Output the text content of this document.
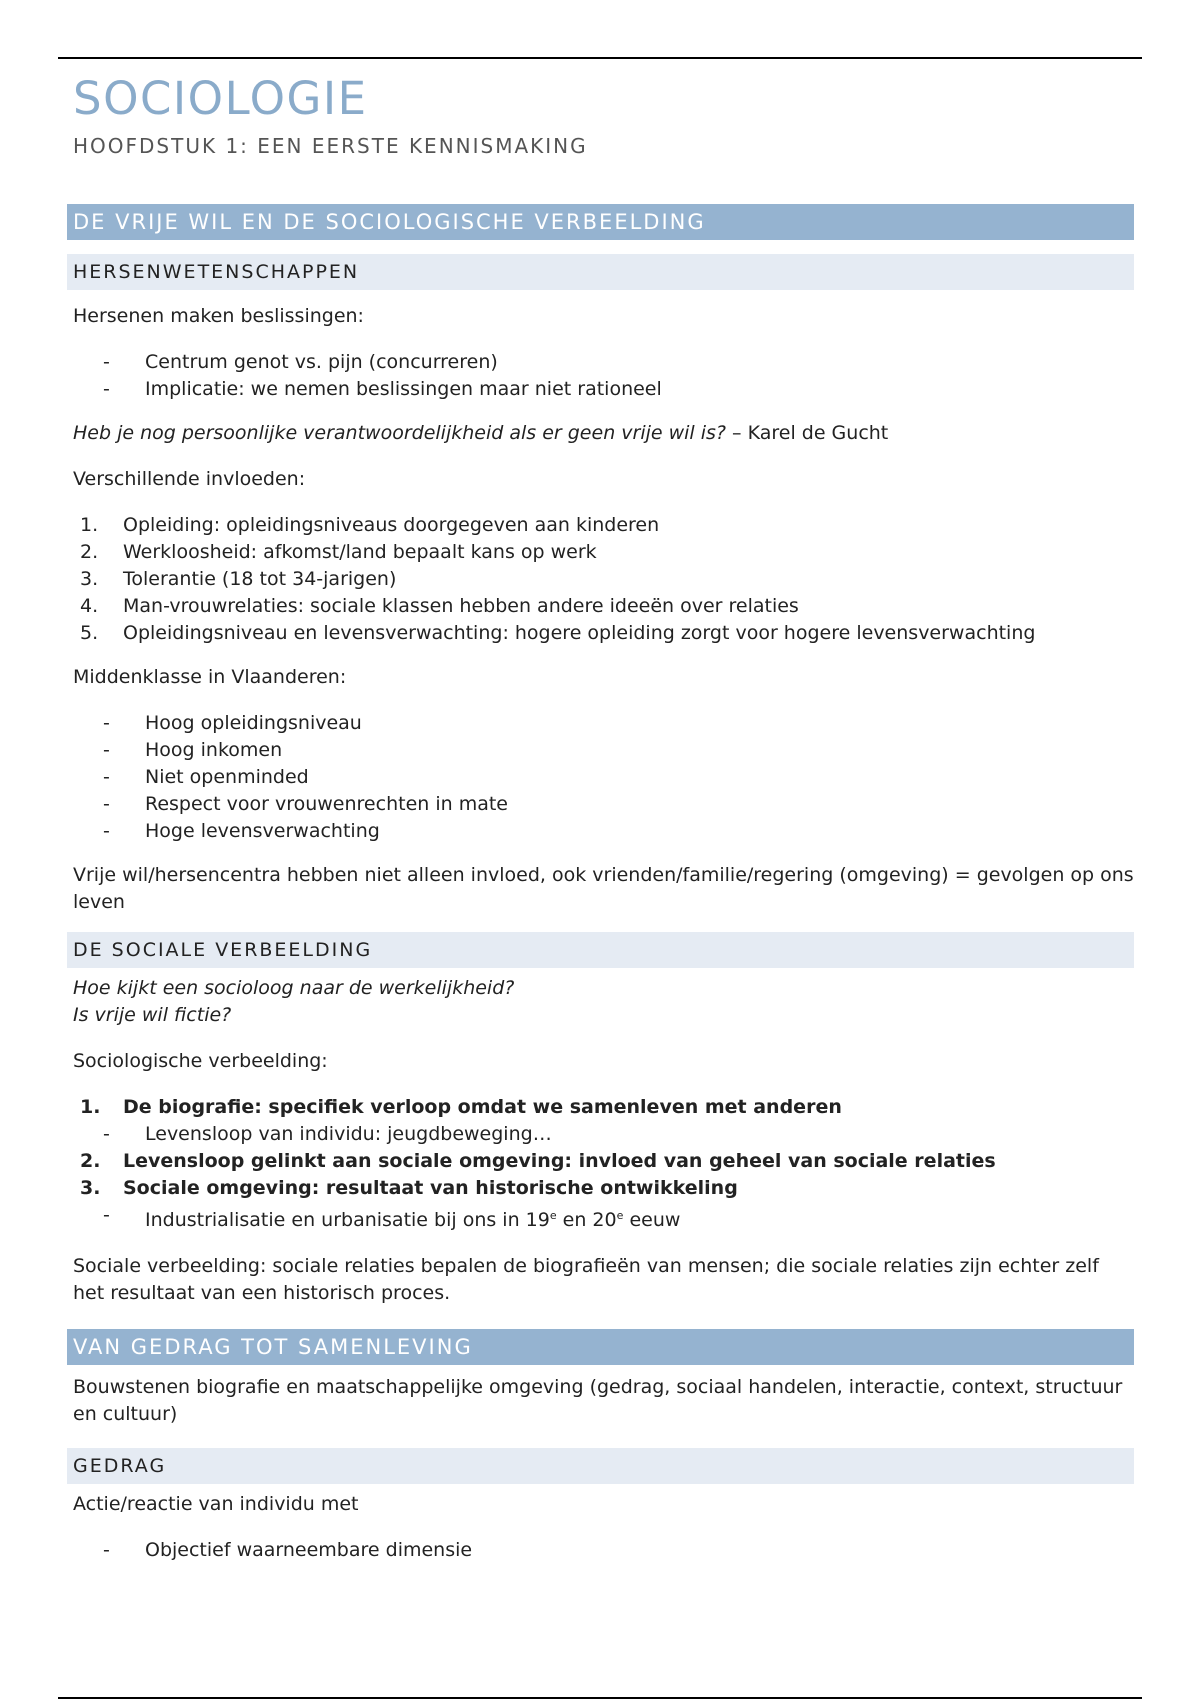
SOCIOLOGIE
HOOFDSTUK 1: EEN EERSTE KENNISMAKING
DE VRIJE WIL EN DE SOCIOLOGISCHE VERBEELDING
HERSENWETENSCHAPPEN

Hersenen maken beslissingen:

- Centrum genot vs. pijn (concurreren)
- Implicatie: we nemen beslissingen maar niet rationeel

Heb je nog persoonlijke verantwoordelijkheid als er geen vrije wil is? – Karel de Gucht

Verschillende invloeden:

1. Opleiding: opleidingsniveaus doorgegeven aan kinderen
2. Werkloosheid: afkomst/land bepaalt kans op werk
3. Tolerantie (18 tot 34-jarigen)
4. Man-vrouwrelaties: sociale klassen hebben andere ideeën over relaties
5. Opleidingsniveau en levensverwachting: hogere opleiding zorgt voor hogere levensverwachting

Middenklasse in Vlaanderen:

- Hoog opleidingsniveau
- Hoog inkomen
- Niet openminded
- Respect voor vrouwenrechten in mate
- Hoge levensverwachting

Vrije wil/hersencentra hebben niet alleen invloed, ook vrienden/familie/regering (omgeving) = gevolgen op ons leven

DE SOCIALE VERBEELDING

Hoe kijkt een socioloog naar de werkelijkheid?

Is vrije wil fictie?

Sociologische verbeelding:

1. De biografie: specifiek verloop omdat we samenleven met anderen
- Levensloop van individu: jeugdbeweging…
2. Levensloop gelinkt aan sociale omgeving: invloed van geheel van sociale relaties
3. Sociale omgeving: resultaat van historische ontwikkeling
- Industrialisatie en urbanisatie bij ons in 19e en 20e eeuw

Sociale verbeelding: sociale relaties bepalen de biografieën van mensen; die sociale relaties zijn echter zelf het resultaat van een historisch proces.

VAN GEDRAG TOT SAMENLEVING

Bouwstenen biografie en maatschappelijke omgeving (gedrag, sociaal handelen, interactie, context, structuur en cultuur)

GEDRAG

Actie/reactie van individu met

- Objectief waarneembare dimensie
